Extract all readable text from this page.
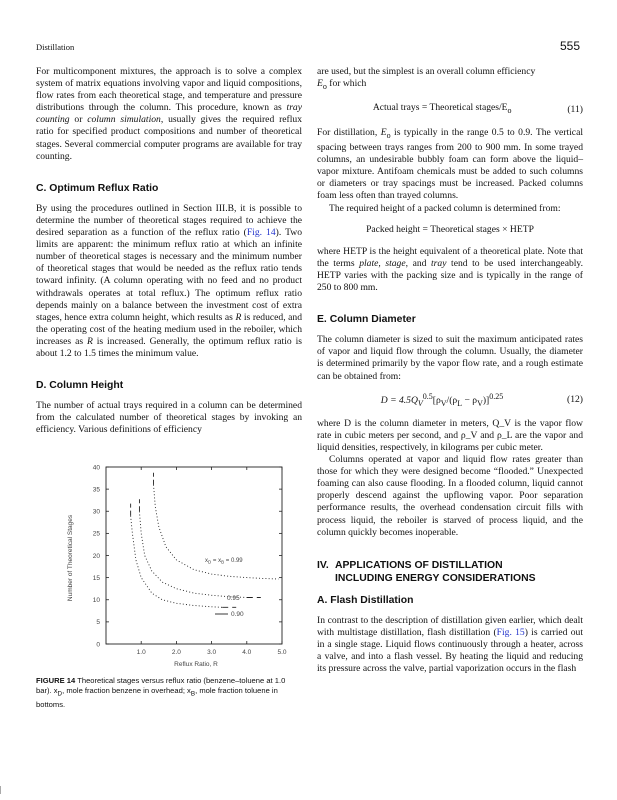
Distillation	555

For multicomponent mixtures, the approach is to solve a complex system of matrix equations involving vapor and liquid compositions, flow rates from each theoretical stage, and temperature and pressure distributions through the column. This procedure, known as tray counting or column simulation, usually gives the required reflux ratio for specified product compositions and number of theoretical stages. Several commercial computer programs are available for tray counting.

C. Optimum Reflux Ratio

By using the procedures outlined in Section III.B, it is possible to determine the number of theoretical stages required to achieve the desired separation as a function of the reflux ratio (Fig. 14). Two limits are apparent: the minimum reflux ratio at which an infinite number of theoretical stages is necessary and the minimum number of theoretical stages that would be needed as the reflux ratio tends toward infinity. (A column operating with no feed and no product withdrawals operates at total reflux.) The optimum reflux ratio depends mainly on a balance between the investment cost of extra stages, hence extra column height, which results as R is reduced, and the operating cost of the heating medium used in the reboiler, which increases as R is increased. Generally, the optimum reflux ratio is about 1.2 to 1.5 times the minimum value.

D. Column Height

The number of actual trays required in a column can be determined from the calculated number of theoretical stages by invoking an efficiency. Various definitions of efficiency

0
5
10
15
20
25
30
35
40
1.0	2.0	3.0	4.0	5.0
$x_D = x_B = 0.99$
0.95
0.90
Reflux Ratio, R
Number of Theoretical Stages
FIGURE 14 Theoretical stages versus reflux ratio (benzene–toluene at 1.0 bar). $x_D$, mole fraction benzene in overhead; $x_B$, mole fraction toluene in bottoms.

are used, but the simplest is an overall column efficiency
$E_o$ for which

Actual trays = Theoretical stages/$E_o$	(11)

For distillation, $E_o$ is typically in the range 0.5 to 0.9. The vertical spacing between trays ranges from 200 to 900 mm. In some trayed columns, an undesirable bubbly foam can form above the liquid–vapor mixture. Antifoam chemicals must be added to such columns or diameters or tray spacings must be increased. Packed columns foam less often than trayed columns.

The required height of a packed column is determined from:

Packed height = Theoretical stages × HETP

where HETP is the height equivalent of a theoretical plate. Note that the terms plate, stage, and tray tend to be used interchangeably. HETP varies with the packing size and is typically in the range of 250 to 800 mm.

E. Column Diameter

The column diameter is sized to suit the maximum anticipated rates of vapor and liquid flow through the column. Usually, the diameter is determined primarily by the vapor flow rate, and a rough estimate can be obtained from:

$D = 4.5Q_V^{0.5}[\rho_V/(\rho_L - \rho_V)]^{0.25}$	(12)

where D is the column diameter in meters, Q_V is the vapor flow rate in cubic meters per second, and ρ_V and ρ_L are the vapor and liquid densities, respectively, in kilograms per cubic meter.

Columns operated at vapor and liquid flow rates greater than those for which they were designed become “flooded.” Unexpected foaming can also cause flooding. In a flooded column, liquid cannot properly descend against the upflowing vapor. Poor separation performance results, the overhead condensation circuit fills with process liquid, the reboiler is starved of process liquid, and the column quickly becomes inoperable.

IV. APPLICATIONS OF DISTILLATION
INCLUDING ENERGY CONSIDERATIONS
A. Flash Distillation

In contrast to the description of distillation given earlier, which dealt with multistage distillation, flash distillation (Fig. 15) is carried out in a single stage. Liquid flows continuously through a heater, across a valve, and into a flash vessel. By heating the liquid and reducing its pressure across the valve, partial vaporization occurs in the flash
